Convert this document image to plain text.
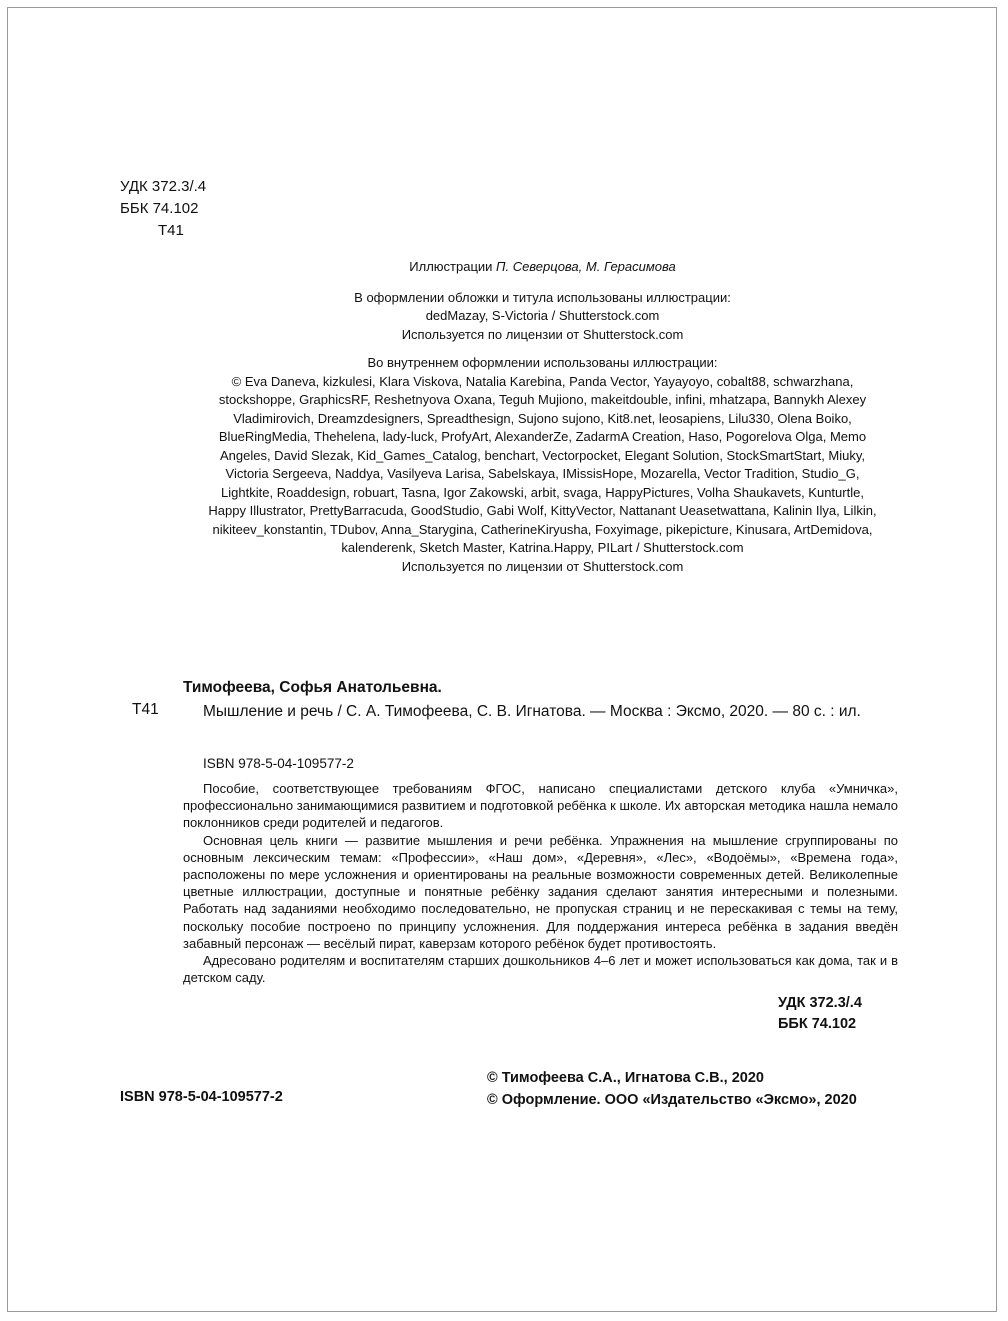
УДК 372.3/.4
ББК 74.102
Т41
Иллюстрации П. Северцова, М. Герасимова
В оформлении обложки и титула использованы иллюстрации:
dedMazay, S-Victoria / Shutterstock.com
Используется по лицензии от Shutterstock.com
Во внутреннем оформлении использованы иллюстрации:
© Eva Daneva, kizkulesi, Klara Viskova, Natalia Karebina, Panda Vector, Yayayoyo, cobalt88, schwarzhana, stockshoppe, GraphicsRF, Reshetnyova Oxana, Teguh Mujiono, makeitdouble, infini, mhatzapa, Bannykh Alexey Vladimirovich, Dreamzdesigners, Spreadthesign, Sujono sujono, Kit8.net, leosapiens, Lilu330, Olena Boiko, BlueRingMedia, Thehelena, lady-luck, ProfyArt, AlexanderZe, ZadarmA Creation, Haso, Pogorelova Olga, Memo Angeles, David Slezak, Kid_Games_Catalog, benchart, Vectorpocket, Elegant Solution, StockSmartStart, Miuky, Victoria Sergeeva, Naddya, Vasilyeva Larisa, Sabelskaya, IMissisHope, Mozarella, Vector Tradition, Studio_G, Lightkite, Roaddesign, robuart, Tasna, Igor Zakowski, arbit, svaga, HappyPictures, Volha Shaukavets, Kunturtle, Happy Illustrator, PrettyBarracuda, GoodStudio, Gabi Wolf, KittyVector, Nattanant Ueasetwattana, Kalinin Ilya, Lilkin, nikiteev_konstantin, TDubov, Anna_Starygina, CatherineKiryusha, Foxyimage, pikepicture, Kinusara, ArtDemidova, kalenderenk, Sketch Master, Katrina.Happy, PILart / Shutterstock.com
Используется по лицензии от Shutterstock.com
Тимофеева, Софья Анатольевна.
Т41	Мышление и речь / С. А. Тимофеева, С. В. Игнатова. — Москва : Эксмо, 2020. — 80 с. : ил.
ISBN 978-5-04-109577-2

Пособие, соответствующее требованиям ФГОС, написано специалистами детского клуба «Умничка», профессионально занимающимися развитием и подготовкой ребёнка к школе. Их авторская методика нашла немало поклонников среди родителей и педагогов.

Основная цель книги — развитие мышления и речи ребёнка. Упражнения на мышление сгруппированы по основным лексическим темам: «Профессии», «Наш дом», «Деревня», «Лес», «Водоёмы», «Времена года», расположены по мере усложнения и ориентированы на реальные возможности современных детей. Великолепные цветные иллюстрации, доступные и понятные ребёнку задания сделают занятия интересными и полезными. Работать над заданиями необходимо последовательно, не пропуская страниц и не перескакивая с темы на тему, поскольку пособие построено по принципу усложнения. Для поддержания интереса ребёнка в задания введён забавный персонаж — весёлый пират, каверзам которого ребёнок будет противостоять.

Адресовано родителям и воспитателям старших дошкольников 4–6 лет и может использоваться как дома, так и в детском саду.

УДК 372.3/.4
ББК 74.102
ISBN 978-5-04-109577-2
© Тимофеева С.А., Игнатова С.В., 2020
© Оформление. ООО «Издательство «Эксмо», 2020
